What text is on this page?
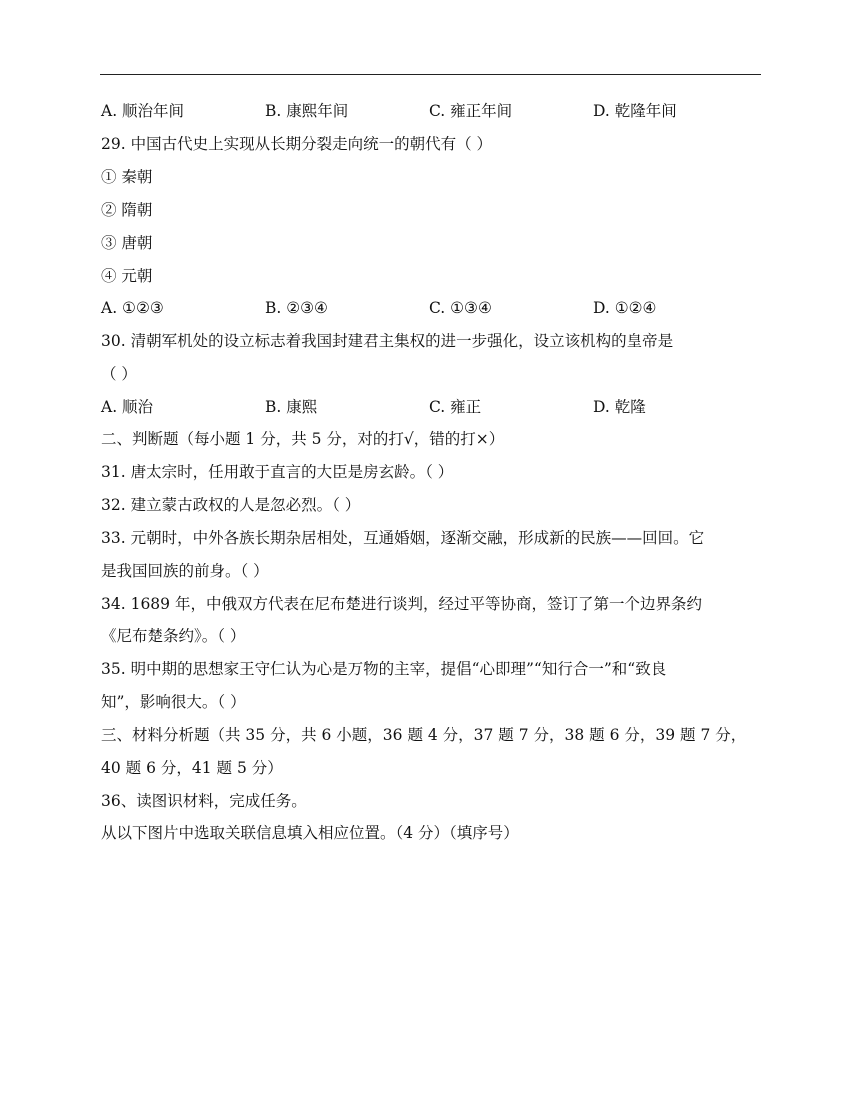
A. 顺治年间	B. 康熙年间	C. 雍正年间	D. 乾隆年间
29. 中国古代史上实现从长期分裂走向统一的朝代有（ ）
① 秦朝
② 隋朝
③ 唐朝
④ 元朝
A. ①②③	B. ②③④	C. ①③④	D. ①②④
30. 清朝军机处的设立标志着我国封建君主集权的进一步强化，设立该机构的皇帝是
（ ）
A. 顺治	B. 康熙	C. 雍正	D. 乾隆
二、判断题（每小题 1 分，共 5 分，对的打√，错的打×）
31. 唐太宗时，任用敢于直言的大臣是房玄龄。（ ）
32. 建立蒙古政权的人是忽必烈。（ ）
33. 元朝时，中外各族长期杂居相处，互通婚姻，逐渐交融，形成新的民族——回回。它
是我国回族的前身。（ ）
34. 1689 年，中俄双方代表在尼布楚进行谈判，经过平等协商，签订了第一个边界条约
《尼布楚条约》。（ ）
35. 明中期的思想家王守仁认为心是万物的主宰，提倡“心即理”“知行合一”和“致良
知”，影响很大。（ ）
三、材料分析题（共 35 分，共 6 小题，36 题 4 分，37 题 7 分，38 题 6 分，39 题 7 分，
40 题 6 分，41 题 5 分）
36、读图识材料，完成任务。
从以下图片中选取关联信息填入相应位置。（4 分）（填序号）
